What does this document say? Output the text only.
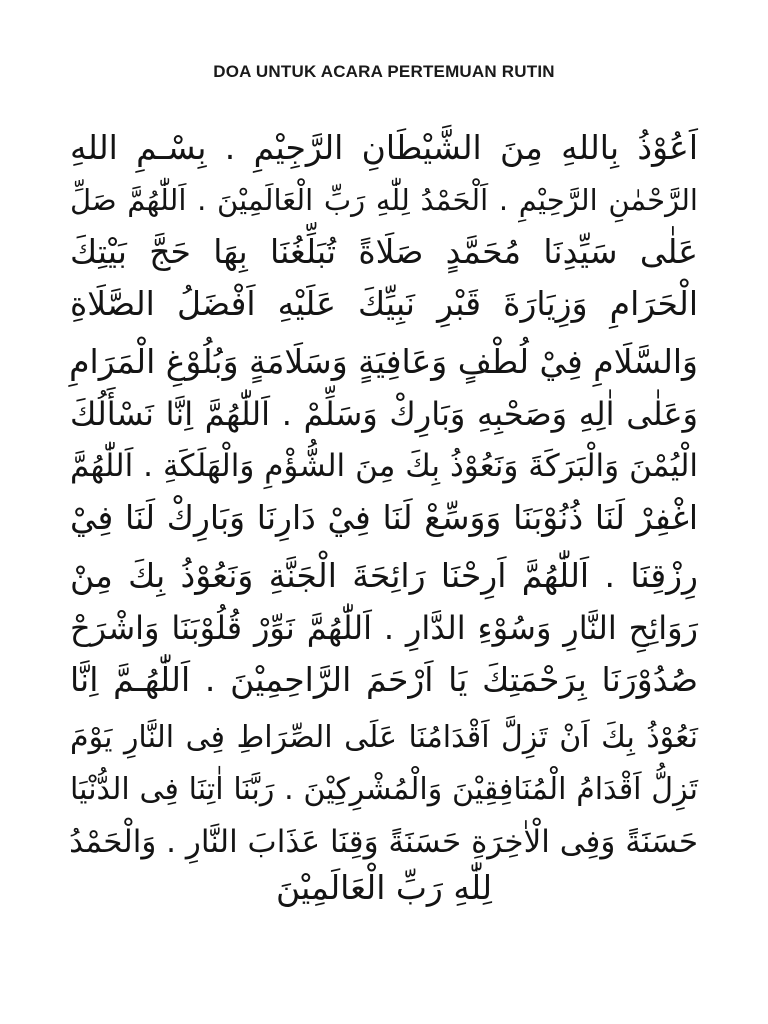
DOA UNTUK ACARA PERTEMUAN RUTIN
اَعُوْذُ بِاللهِ مِنَ الشَّيْطَانِ الرَّجِيْمِ . بِسْـمِ اللهِ
الرَّحْمٰنِ الرَّحِيْمِ . اَلْحَمْدُ لِلّٰهِ رَبِّ الْعَالَمِيْنَ . اَللّٰهُمَّ صَلِّ
عَلٰى سَيِّدِنَا مُحَمَّدٍ صَلَاةً تُبَلِّغُنَا بِهَا حَجَّ بَيْتِكَ
الْحَرَامِ وَزِيَارَةَ قَبْرِ نَبِيِّكَ عَلَيْهِ اَفْضَلُ الصَّلَاةِ
وَالسَّلَامِ فِيْ لُطْفٍ وَعَافِيَةٍ وَسَلَامَةٍ وَبُلُوْغِ الْمَرَامِ
وَعَلٰى اٰلِهِ وَصَحْبِهِ وَبَارِكْ وَسَلِّمْ . اَللّٰهُمَّ اِنَّا نَسْأَلُكَ
الْيُمْنَ وَالْبَرَكَةَ وَنَعُوْذُ بِكَ مِنَ الشُّؤْمِ وَالْهَلَكَةِ . اَللّٰهُمَّ
اغْفِرْ لَنَا ذُنُوْبَنَا وَوَسِّعْ لَنَا فِيْ دَارِنَا وَبَارِكْ لَنَا فِيْ
رِزْقِنَا . اَللّٰهُمَّ اَرِحْنَا رَائِحَةَ الْجَنَّةِ وَنَعُوْذُ بِكَ مِنْ
رَوَائِحِ النَّارِ وَسُوْءِ الدَّارِ . اَللّٰهُمَّ نَوِّرْ قُلُوْبَنَا وَاشْرَحْ
صُدُوْرَنَا بِرَحْمَتِكَ يَا اَرْحَمَ الرَّاحِمِيْنَ . اَللّٰهُـمَّ اِنَّا
نَعُوْذُ بِكَ اَنْ تَزِلَّ اَقْدَامُنَا عَلَى الصِّرَاطِ فِى النَّارِ يَوْمَ
تَزِلُّ اَقْدَامُ الْمُنَافِقِيْنَ وَالْمُشْرِكِيْنَ . رَبَّنَا اٰتِنَا فِى الدُّنْيَا
حَسَنَةً وَفِى الْاٰخِرَةِ حَسَنَةً وَقِنَا عَذَابَ النَّارِ . وَالْحَمْدُ
لِلّٰهِ رَبِّ الْعَالَمِيْنَ
